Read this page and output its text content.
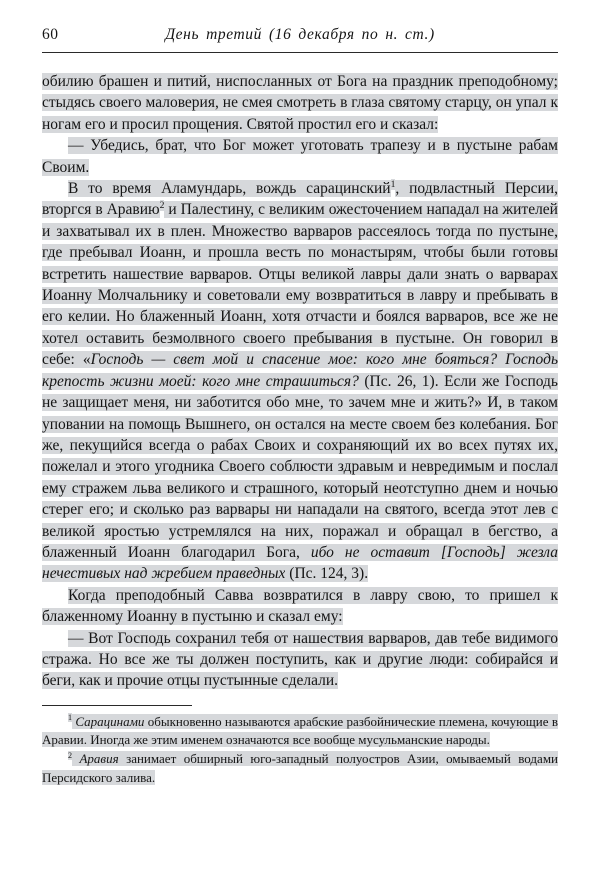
60	День третий (16 декабря по н. ст.)

обилию брашен и питий, ниспосланных от Бога на праздник преподобному; стыдясь своего маловерия, не смея смотреть в глаза святому старцу, он упал к ногам его и просил прощения. Святой простил его и сказал:

— Убедись, брат, что Бог может уготовать трапезу и в пустыне рабам Своим.

В то время Аламундарь, вождь сарацинский$^1$, подвластный Персии, вторгся в Аравию$^2$ и Палестину, с великим ожесточением нападал на жителей и захватывал их в плен. Множество варваров рассеялось тогда по пустыне, где пребывал Иоанн, и прошла весть по монастырям, чтобы были готовы встретить нашествие варваров. Отцы великой лавры дали знать о варварах Иоанну Молчальнику и советовали ему возвратиться в лавру и пребывать в его келии. Но блаженный Иоанн, хотя отчасти и боялся варваров, все же не хотел оставить безмолвного своего пребывания в пустыне. Он говорил в себе: «Господь — свет мой и спасение мое: кого мне бояться? Господь крепость жизни моей: кого мне страшиться? (Пс. 26, 1). Если же Господь не защищает меня, ни заботится обо мне, то зачем мне и жить?» И, в таком уповании на помощь Вышнего, он остался на месте своем без колебания. Бог же, пекущийся всегда о рабах Своих и сохраняющий их во всех путях их, пожелал и этого угодника Своего соблюсти здравым и невредимым и послал ему стражем льва великого и страшного, который неотступно днем и ночью стерег его; и сколько раз варвары ни нападали на святого, всегда этот лев с великой яростью устремлялся на них, поражал и обращал в бегство, а блаженный Иоанн благодарил Бога, ибо не оставит [Господь] жезла нечестивых над жребием праведных (Пс. 124, 3).

Когда преподобный Савва возвратился в лавру свою, то пришел к блаженному Иоанну в пустыню и сказал ему:

— Вот Господь сохранил тебя от нашествия варваров, дав тебе видимого стража. Но все же ты должен поступить, как и другие люди: собирайся и беги, как и прочие отцы пустынные сделали.

$^1$ Сарацинами обыкновенно называются арабские разбойнические племена, кочующие в Аравии. Иногда же этим именем означаются все вообще мусульманские народы.

$^2$ Аравия занимает обширный юго-западный полуостров Азии, омываемый водами Персидского залива.
